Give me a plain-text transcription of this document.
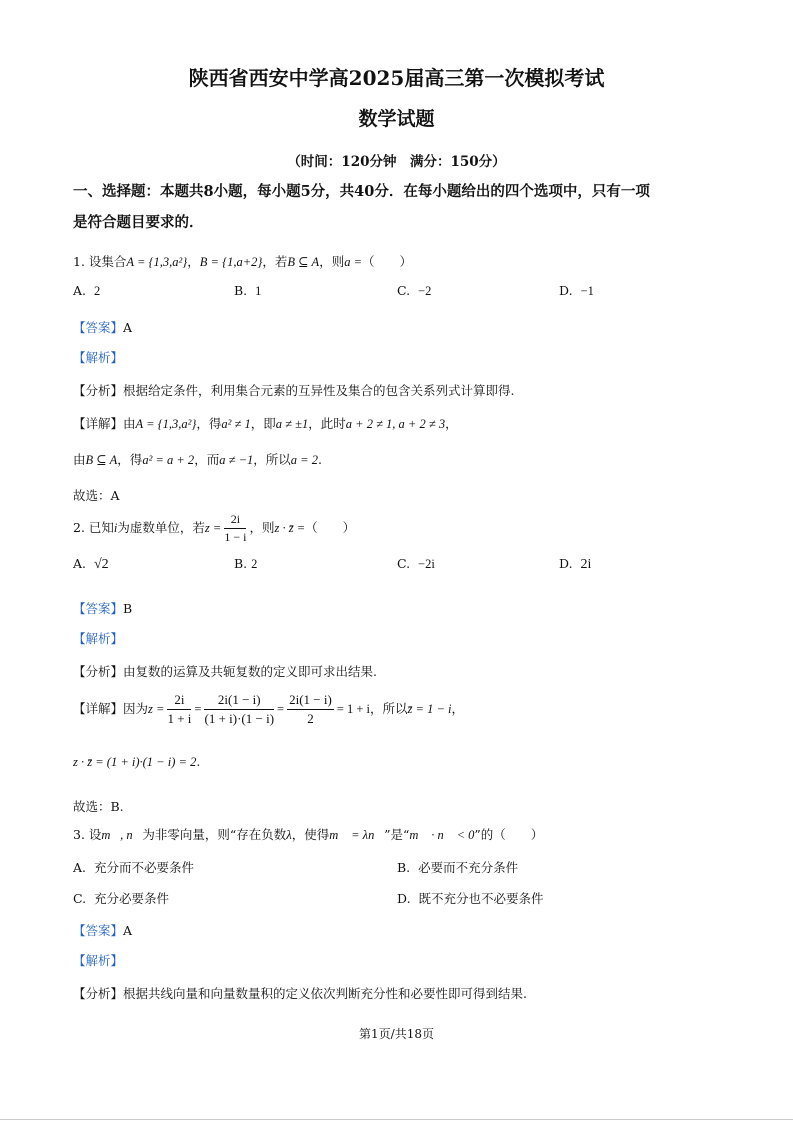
陕西省西安中学高2025届高三第一次模拟考试
数学试题
（时间：120分钟　满分：150分）
一、选择题：本题共8小题，每小题5分，共40分．在每小题给出的四个选项中，只有一项
是符合题目要求的．
1. 设集合A = {1,3,a²}，B = {1,a+2}，若B ⊆ A，则a =（　　）
A. 2	B. 1	C. −2	D. −1
【答案】A
【解析】
【分析】根据给定条件，利用集合元素的互异性及集合的包含关系列式计算即得.
【详解】由A = {1,3,a²}，得a² ≠ 1，即a ≠ ±1，此时a + 2 ≠ 1, a + 2 ≠ 3，
由B ⊆ A，得a² = a + 2，而a ≠ −1，所以a = 2.
故选：A
2. 已知i为虚数单位，若$z = \frac{2i}{1 - i}$ ，则z · z̄ =（　　）
A. √2	B. 2	C. −2i	D. 2i
【答案】B
【解析】
【分析】由复数的运算及共轭复数的定义即可求出结果.
【详解】因为$z = \frac{2i}{1 + i} = \frac{2i(1 - i)}{(1 + i)\cdot(1 - i)} = \frac{2i(1 - i)}{2} = 1 + i$，所以z̄ = 1 − i，
z · z̄ = (1 + i)·(1 − i) = 2.
故选：B.
3. 设m⃗, n⃗为非零向量，则“存在负数λ，使得m⃗ = λn⃗”是“m⃗ · n⃗ < 0”的（　　）
A. 充分而不必要条件	B. 必要而不充分条件
C. 充分必要条件	D. 既不充分也不必要条件
【答案】A
【解析】
【分析】根据共线向量和向量数量积的定义依次判断充分性和必要性即可得到结果.
第1页/共18页
